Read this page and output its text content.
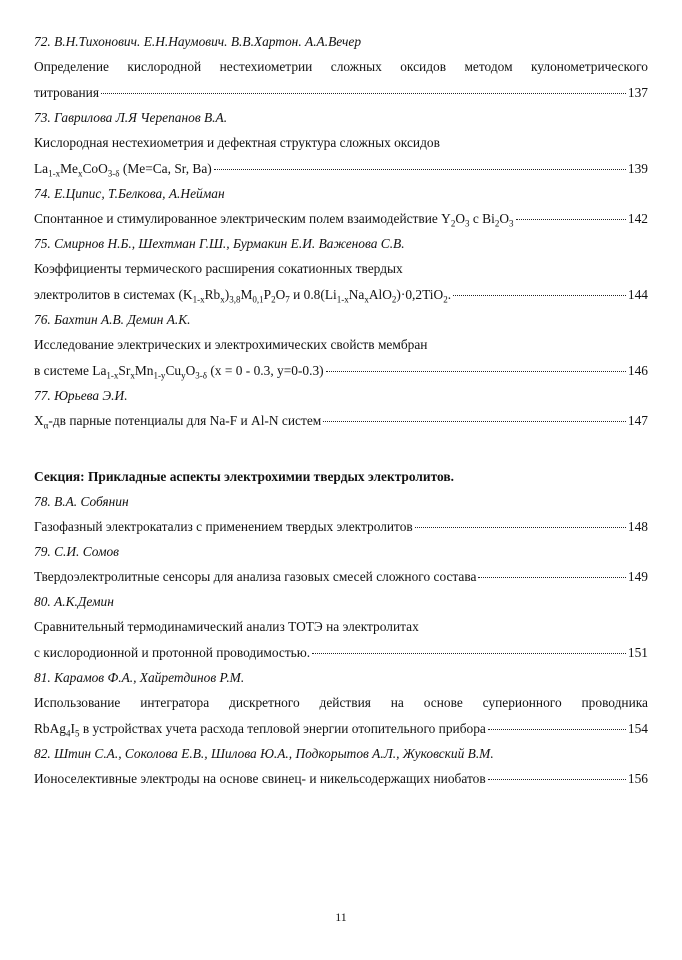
72. В.Н.Тихонович. Е.Н.Наумович. В.В.Хартон. А.А.Вечер
Определение кислородной нестехиометрии сложных оксидов методом кулонометрического
титрования	137
73. Гаврилова Л.Я Черепанов В.А.
Кислородная нестехиометрия и дефектная структура сложных оксидов
$La_{1-x}Me_xCoO_{3-\delta}$ (Me=Ca, Sr, Ba)	139
74. Е.Ципис, Т.Белкова, А.Нейман
Спонтанное и стимулированное электрическим полем взаимодействие $Y_2O_3$ с $Bi_2O_3$	142
75. Смирнов Н.Б., Шехтман Г.Ш., Бурмакин Е.И. Важенова С.В.
Коэффициенты термического расширения сокатионных твердых
электролитов в системах $(K_{1-x}Rb_x)_{3,8}M_{0,1}P_2O_7$ и $0.8(Li_{1-x}Na_xAlO_2)\cdot 0,2TiO_2$.	144
76. Бахтин А.В. Демин А.К.
Исследование электрических и электрохимических свойств мембран
в системе $La_{1-x}Sr_xMn_{1-y}Cu_yO_{3-\delta}$ (x = 0 - 0.3, y=0-0.3)	146
77. Юрьева Э.И.
$X_\alpha-дв$ парные потенциалы для Na-F и Al-N систем	147
Секция: Прикладные аспекты электрохимии твердых электролитов.
78. В.А. Собянин
Газофазный электрокатализ с применением твердых электролитов	148
79. С.И. Сомов
Твердоэлектролитные сенсоры для анализа газовых смесей сложного состава	149
80. А.К.Демин
Сравнительный термодинамический анализ ТОТЭ на электролитах
с кислородионной и протонной проводимостью.	151
81. Карамов Ф.А., Хайретдинов Р.М.
Использование интегратора дискретного действия на основе суперионного проводника
$RbAg_4I_5$ в устройствах учета расхода тепловой энергии отопительного прибора	154
82. Штин С.А., Соколова Е.В., Шилова Ю.А., Подкорытов А.Л., Жуковский В.М.
Ионоселективные электроды на основе свинец- и никельсодержащих ниобатов	156
11
